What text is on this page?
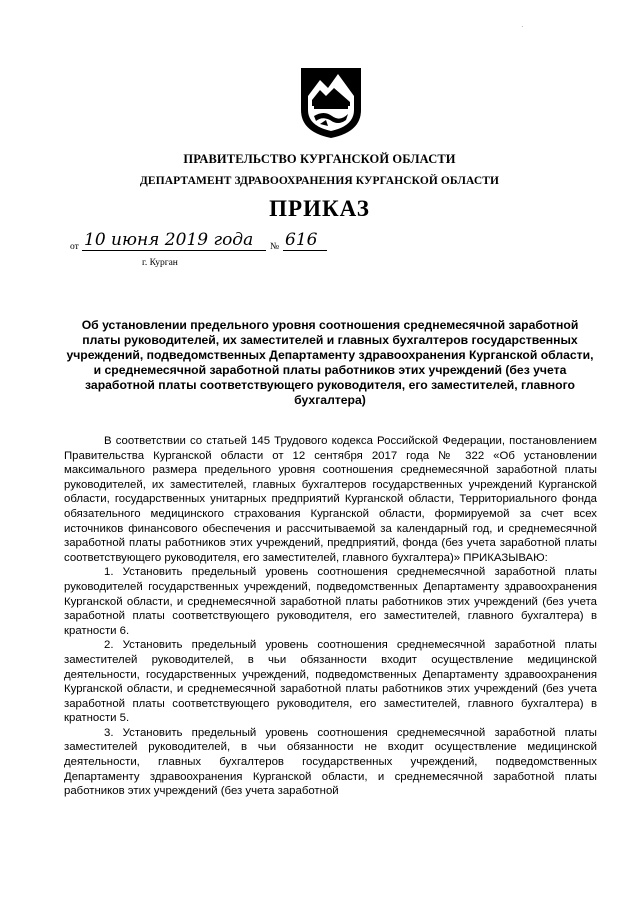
·
ПРАВИТЕЛЬСТВО КУРГАНСКОЙ ОБЛАСТИ
ДЕПАРТАМЕНТ ЗДРАВООХРАНЕНИЯ КУРГАНСКОЙ ОБЛАСТИ
ПРИКАЗ
от 10 июня 2019 года № 616
г. Курган
Об установлении предельного уровня соотношения среднемесячной заработной платы руководителей, их заместителей и главных бухгалтеров государственных учреждений, подведомственных Департаменту здравоохранения Курганской области, и среднемесячной заработной платы работников этих учреждений (без учета заработной платы соответствующего руководителя, его заместителей, главного бухгалтера)

В соответствии со статьей 145 Трудового кодекса Российской Федерации, постановлением Правительства Курганской области от 12 сентября 2017 года № 322 «Об установлении максимального размера предельного уровня соотношения среднемесячной заработной платы руководителей, их заместителей, главных бухгалтеров государственных учреждений Курганской области, государственных унитарных предприятий Курганской области, Территориального фонда обязательного медицинского страхования Курганской области, формируемой за счет всех источников финансового обеспечения и рассчитываемой за календарный год, и среднемесячной заработной платы работников этих учреждений, предприятий, фонда (без учета заработной платы соответствующего руководителя, его заместителей, главного бухгалтера)» ПРИКАЗЫВАЮ:

1. Установить предельный уровень соотношения среднемесячной заработной платы руководителей государственных учреждений, подведомственных Департаменту здравоохранения Курганской области, и среднемесячной заработной платы работников этих учреждений (без учета заработной платы соответствующего руководителя, его заместителей, главного бухгалтера) в кратности 6.

2. Установить предельный уровень соотношения среднемесячной заработной платы заместителей руководителей, в чьи обязанности входит осуществление медицинской деятельности, государственных учреждений, подведомственных Департаменту здравоохранения Курганской области, и среднемесячной заработной платы работников этих учреждений (без учета заработной платы соответствующего руководителя, его заместителей, главного бухгалтера) в кратности 5.

3. Установить предельный уровень соотношения среднемесячной заработной платы заместителей руководителей, в чьи обязанности не входит осуществление медицинской деятельности, главных бухгалтеров государственных учреждений, подведомственных Департаменту здравоохранения Курганской области, и среднемесячной заработной платы работников этих учреждений (без учета заработной
